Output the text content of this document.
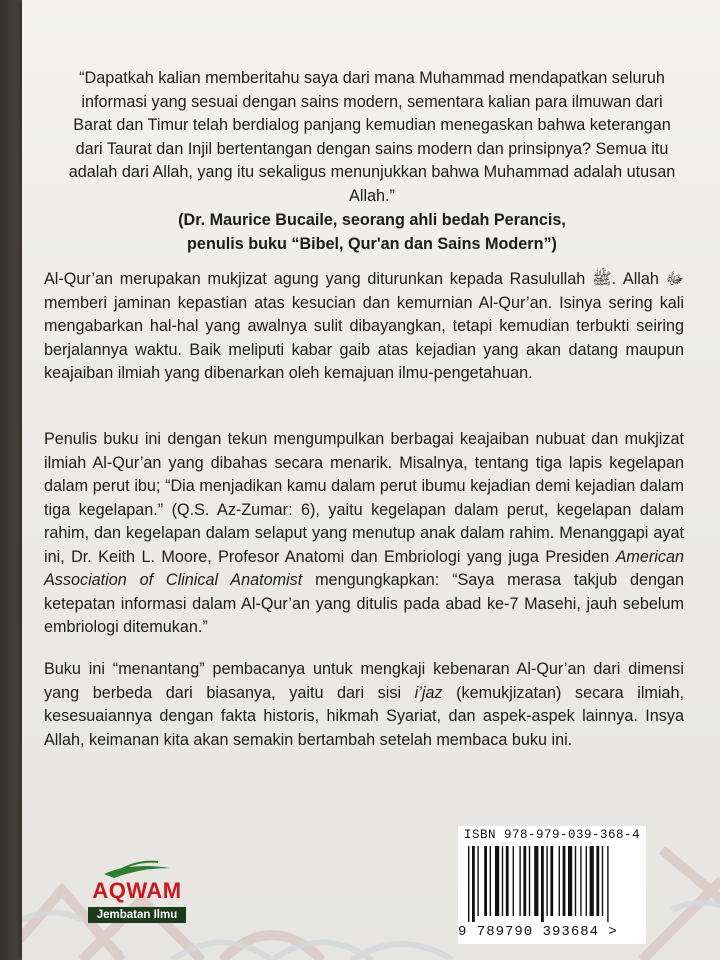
“Dapatkah kalian memberitahu saya dari mana Muhammad mendapatkan seluruh informasi yang sesuai dengan sains modern, sementara kalian para ilmuwan dari Barat dan Timur telah berdialog panjang kemudian menegaskan bahwa keterangan dari Taurat dan Injil bertentangan dengan sains modern dan prinsipnya? Semua itu adalah dari Allah, yang itu sekaligus menunjukkan bahwa Muhammad adalah utusan Allah.”
(Dr. Maurice Bucaile, seorang ahli bedah Perancis,
penulis buku “Bibel, Qur'an dan Sains Modern”)
Al-Qur’an merupakan mukjizat agung yang diturunkan kepada Rasulullah ﷺ. Allah ﷻ memberi jaminan kepastian atas kesucian dan kemurnian Al-Qur’an. Isinya sering kali mengabarkan hal-hal yang awalnya sulit dibayangkan, tetapi kemudian terbukti seiring berjalannya waktu. Baik meliputi kabar gaib atas kejadian yang akan datang maupun keajaiban ilmiah yang dibenarkan oleh kemajuan ilmu-pengetahuan.
Penulis buku ini dengan tekun mengumpulkan berbagai keajaiban nubuat dan mukjizat ilmiah Al-Qur’an yang dibahas secara menarik. Misalnya, tentang tiga lapis kegelapan dalam perut ibu; “Dia menjadikan kamu dalam perut ibumu kejadian demi kejadian dalam tiga kegelapan.” (Q.S. Az-Zumar: 6), yaitu kegelapan dalam perut, kegelapan dalam rahim, dan kegelapan dalam selaput yang menutup anak dalam rahim. Menanggapi ayat ini, Dr. Keith L. Moore, Profesor Anatomi dan Embriologi yang juga Presiden American Association of Clinical Anatomist mengungkapkan: “Saya merasa takjub dengan ketepatan informasi dalam Al-Qur’an yang ditulis pada abad ke-7 Masehi, jauh sebelum embriologi ditemukan.”
Buku ini “menantang” pembacanya untuk mengkaji kebenaran Al-Qur’an dari dimensi yang berbeda dari biasanya, yaitu dari sisi i’jaz (kemukjizatan) secara ilmiah, kesesuaiannya dengan fakta historis, hikmah Syariat, dan aspek-aspek lainnya. Insya Allah, keimanan kita akan semakin bertambah setelah membaca buku ini.
AQWAM
Jembatan Ilmu
ISBN 978-979-039-368-4
9 789790 393684 >
